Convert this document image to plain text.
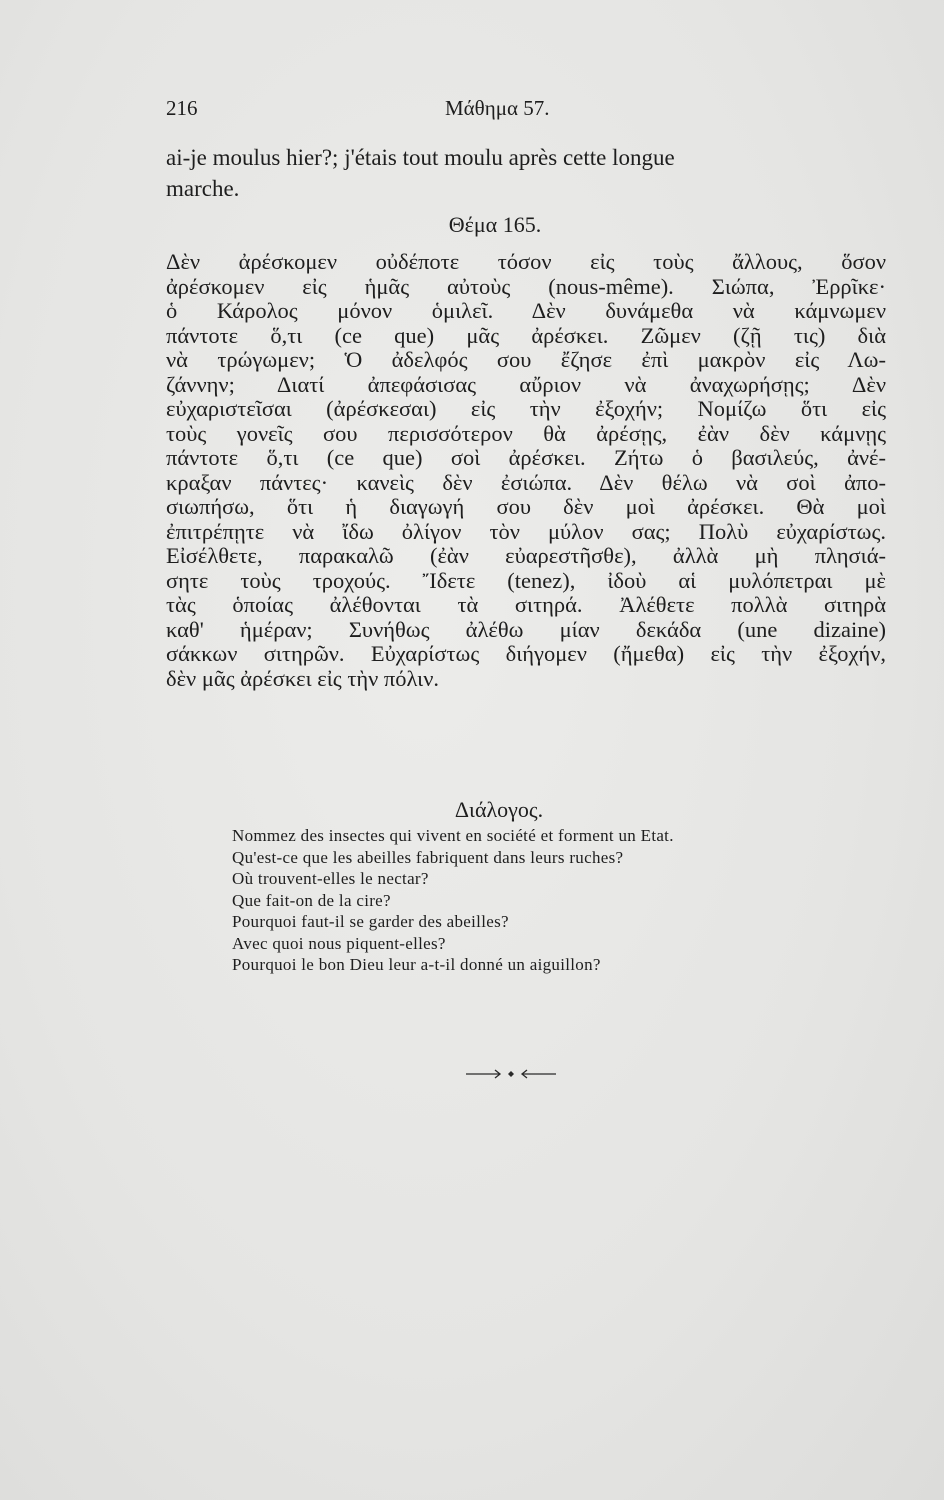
216	Μάθημα 57.
ai-je moulus hier?; j'étais tout moulu après cette longue
marche.
Θέμα 165.
Δὲν ἀρέσκομεν οὐδέποτε τόσον εἰς τοὺς ἄλλους, ὅσον
ἀρέσκομεν εἰς ἡμᾶς αὐτοὺς (nous-même). Σιώπα, Ἐρρῖκε·
ὁ Κάρολος μόνον ὁμιλεῖ. Δὲν δυνάμεθα νὰ κάμνωμεν
πάντοτε ὅ,τι (ce que) μᾶς ἀρέσκει. Ζῶμεν (ζῇ τις) διὰ
νὰ τρώγωμεν; Ὁ ἀδελφός σου ἔζησε ἐπὶ μακρὸν εἰς Λω-
ζάννην; Διατί ἀπεφάσισας αὔριον νὰ ἀναχωρήσῃς; Δὲν
εὐχαριστεῖσαι (ἀρέσκεσαι) εἰς τὴν ἐξοχήν; Νομίζω ὅτι εἰς
τοὺς γονεῖς σου περισσότερον θὰ ἀρέσῃς, ἐὰν δὲν κάμνῃς
πάντοτε ὅ,τι (ce que) σοὶ ἀρέσκει. Ζήτω ὁ βασιλεύς, ἀνέ-
κραξαν πάντες· κανεὶς δὲν ἐσιώπα. Δὲν θέλω νὰ σοὶ ἀπο-
σιωπήσω, ὅτι ἡ διαγωγή σου δὲν μοὶ ἀρέσκει. Θὰ μοὶ
ἐπιτρέπῃτε νὰ ἴδω ὀλίγον τὸν μύλον σας; Πολὺ εὐχαρίστως.
Εἰσέλθετε, παρακαλῶ (ἐὰν εὐαρεστῆσθε), ἀλλὰ μὴ πλησιά-
σητε τοὺς τροχούς. Ἴδετε (tenez), ἰδοὺ αἱ μυλόπετραι μὲ
τὰς ὁποίας ἀλέθονται τὰ σιτηρά. Ἀλέθετε πολλὰ σιτηρὰ
καθ' ἡμέραν; Συνήθως ἀλέθω μίαν δεκάδα (une dizaine)
σάκκων σιτηρῶν. Εὐχαρίστως διήγομεν (ἤμεθα) εἰς τὴν ἐξοχήν,
δὲν μᾶς ἀρέσκει εἰς τὴν πόλιν.
Διάλογος.
Nommez des insectes qui vivent en société et forment un Etat.
Qu'est-ce que les abeilles fabriquent dans leurs ruches?
Où trouvent-elles le nectar?
Que fait-on de la cire?
Pourquoi faut-il se garder des abeilles?
Avec quoi nous piquent-elles?
Pourquoi le bon Dieu leur a-t-il donné un aiguillon?
